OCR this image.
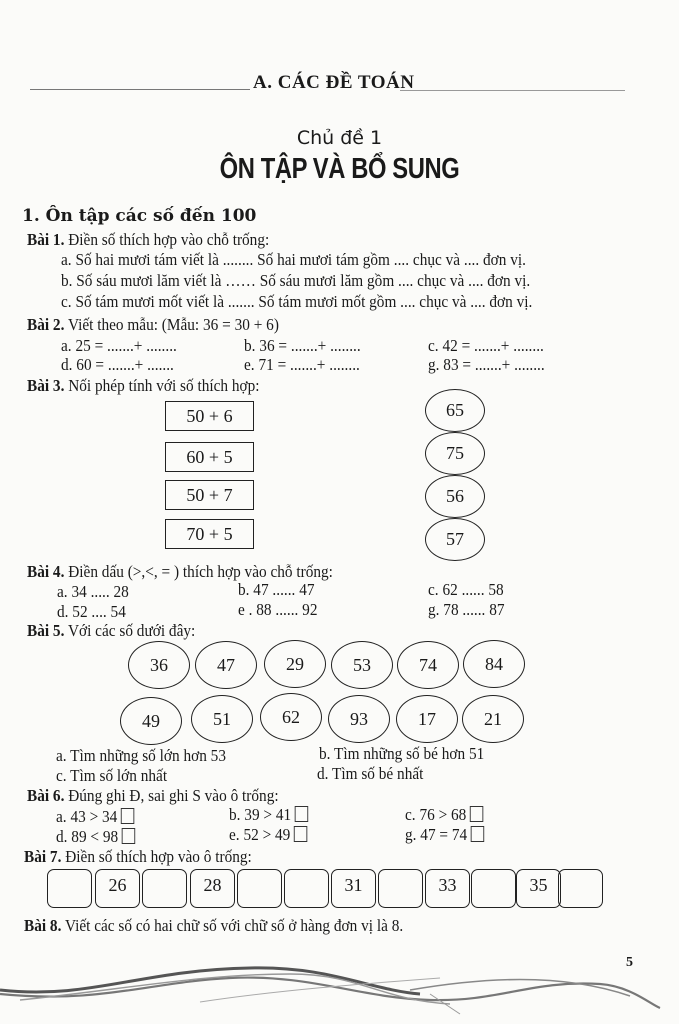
A. CÁC ĐỀ TOÁN
Chủ đề 1
ÔN TẬP VÀ BỔ SUNG
1. Ôn tập các số đến 100
Bài 1. Điền số thích hợp vào chỗ trống:
a. Số hai mươi tám viết là ........ Số hai mươi tám gồm .... chục và .... đơn vị.
b. Số sáu mươi lăm viết là …… Số sáu mươi lăm gồm .... chục và .... đơn vị.
c. Số tám mươi mốt viết là ....... Số tám mươi mốt gồm .... chục và .... đơn vị.
Bài 2. Viết theo mẫu: (Mẫu: 36 = 30 + 6)
a. 25 = .......+ ........	b. 36 = .......+ ........	c. 42 = .......+ ........
d. 60 = .......+ .......	e. 71 = .......+ ........	g. 83 = .......+ ........
Bài 3. Nối phép tính với số thích hợp:
50 + 6
60 + 5
50 + 7
70 + 5
65
75
56
57
Bài 4. Điền dấu (>,<, = ) thích hợp vào chỗ trống:
a. 34 ..... 28	b. 47 ...... 47	c. 62 ...... 58
d. 52 .... 54	e . 88 ...... 92	g. 78 ...... 87
Bài 5. Với các số dưới đây:
36	47	29	53	74	84
49	51	62	93	17	21
a. Tìm những số lớn hơn 53	b. Tìm những số bé hơn 51
c. Tìm số lớn nhất	d. Tìm số bé nhất
Bài 6. Đúng ghi Đ, sai ghi S vào ô trống:
a. 43 > 34	b. 39 > 41	c. 76 > 68
d. 89 < 98	e. 52 > 49	g. 47 = 74
Bài 7. Điền số thích hợp vào ô trống:
26	28	31	33	35
Bài 8. Viết các số có hai chữ số với chữ số ở hàng đơn vị là 8.
5
